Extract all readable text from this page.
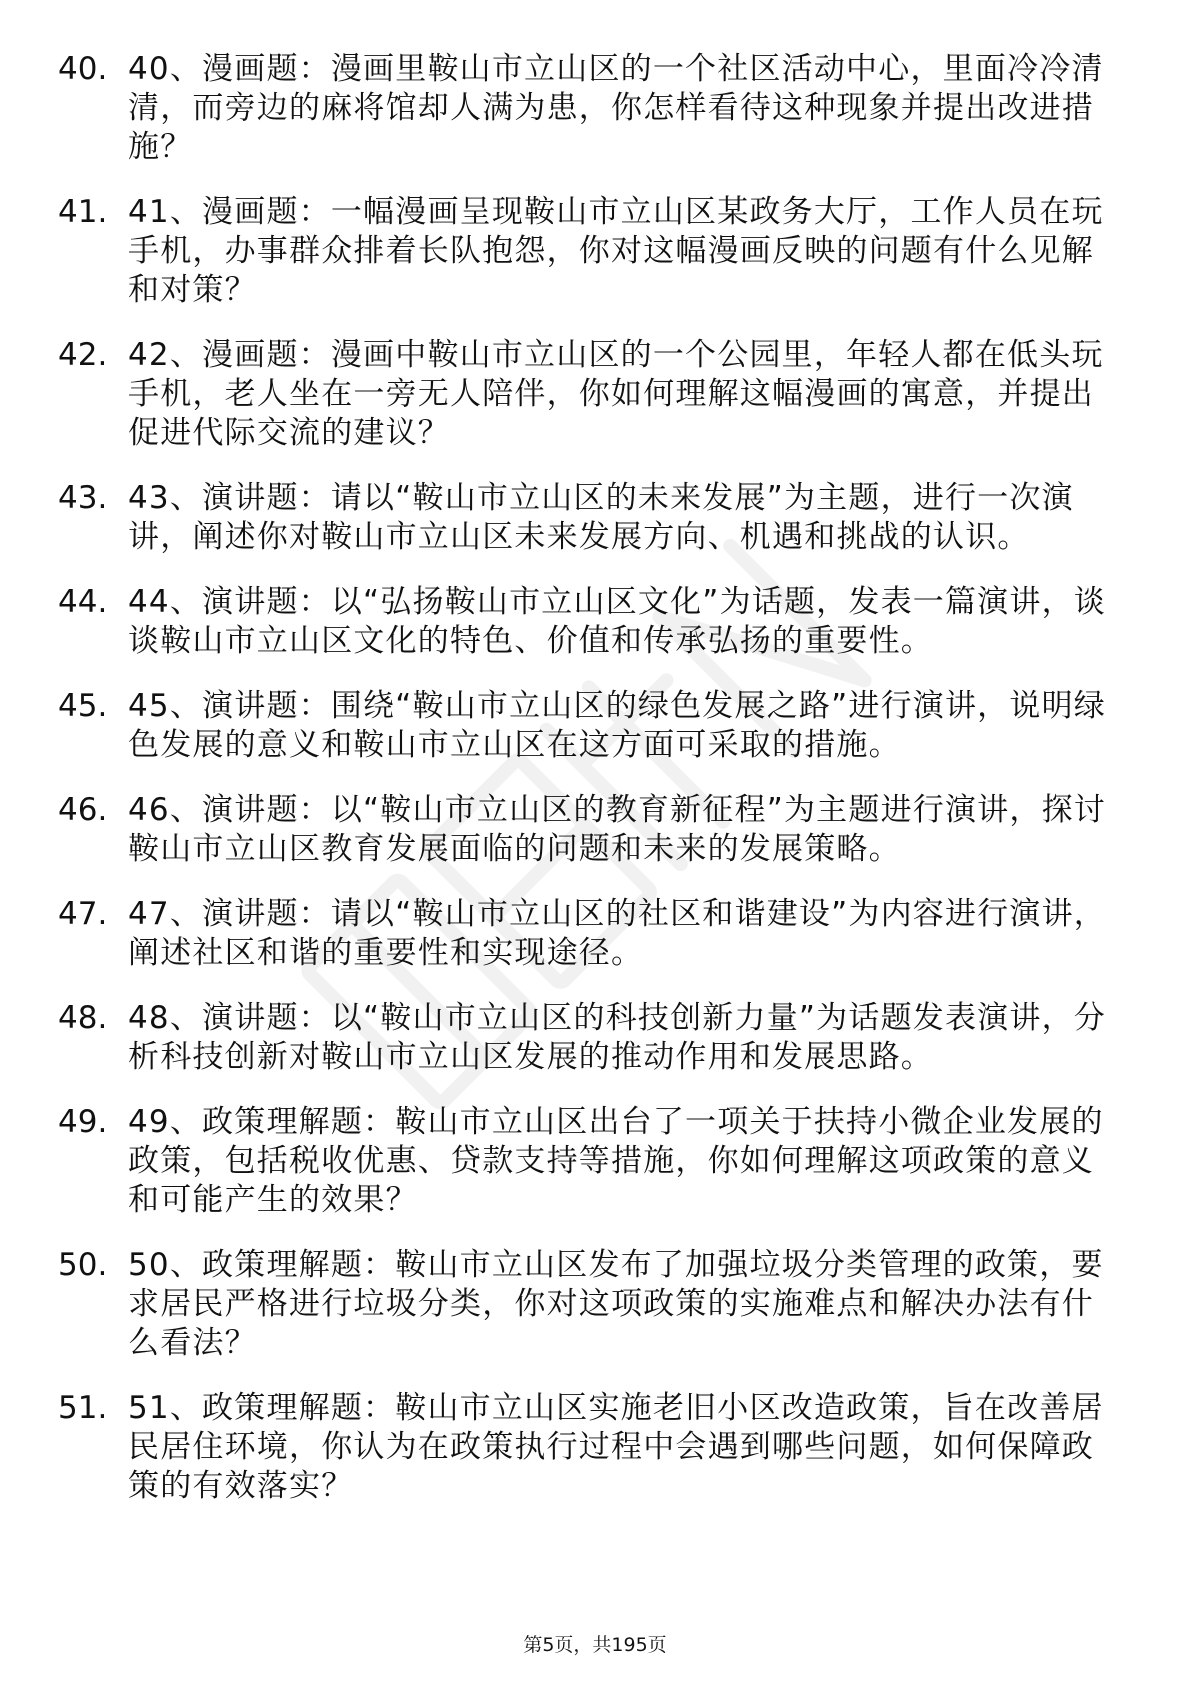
40. 40、漫画题：漫画里鞍山市立山区的一个社区活动中心，里面冷冷清清，而旁边的麻将馆却人满为患，你怎样看待这种现象并提出改进措施？
41. 41、漫画题：一幅漫画呈现鞍山市立山区某政务大厅，工作人员在玩手机，办事群众排着长队抱怨，你对这幅漫画反映的问题有什么见解和对策？
42. 42、漫画题：漫画中鞍山市立山区的一个公园里，年轻人都在低头玩手机，老人坐在一旁无人陪伴，你如何理解这幅漫画的寓意，并提出促进代际交流的建议？
43. 43、演讲题：请以“鞍山市立山区的未来发展”为主题，进行一次演讲，阐述你对鞍山市立山区未来发展方向、机遇和挑战的认识。
44. 44、演讲题：以“弘扬鞍山市立山区文化”为话题，发表一篇演讲，谈谈鞍山市立山区文化的特色、价值和传承弘扬的重要性。
45. 45、演讲题：围绕“鞍山市立山区的绿色发展之路”进行演讲，说明绿色发展的意义和鞍山市立山区在这方面可采取的措施。
46. 46、演讲题：以“鞍山市立山区的教育新征程”为主题进行演讲，探讨鞍山市立山区教育发展面临的问题和未来的发展策略。
47. 47、演讲题：请以“鞍山市立山区的社区和谐建设”为内容进行演讲，阐述社区和谐的重要性和实现途径。
48. 48、演讲题：以“鞍山市立山区的科技创新力量”为话题发表演讲，分析科技创新对鞍山市立山区发展的推动作用和发展思路。
49. 49、政策理解题：鞍山市立山区出台了一项关于扶持小微企业发展的政策，包括税收优惠、贷款支持等措施，你如何理解这项政策的意义和可能产生的效果？
50. 50、政策理解题：鞍山市立山区发布了加强垃圾分类管理的政策，要求居民严格进行垃圾分类，你对这项政策的实施难点和解决办法有什么看法？
51. 51、政策理解题：鞍山市立山区实施老旧小区改造政策，旨在改善居民居住环境，你认为在政策执行过程中会遇到哪些问题，如何保障政策的有效落实？
第5页，共195页
